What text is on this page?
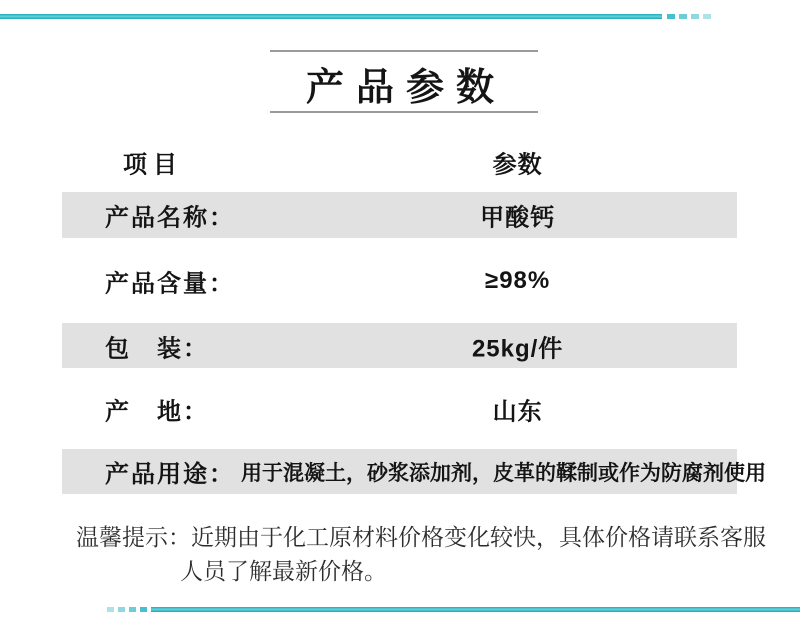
产品参数
项目	参数
产品名称：	甲酸钙
产品含量：	≥98%
包　装：	25kg/件
产　地：	山东
产品用途： 用于混凝土，砂浆添加剂，皮革的鞣制或作为防腐剂使用
温馨提示：近期由于化工原材料价格变化较快，具体价格请联系客服
人员了解最新价格。
